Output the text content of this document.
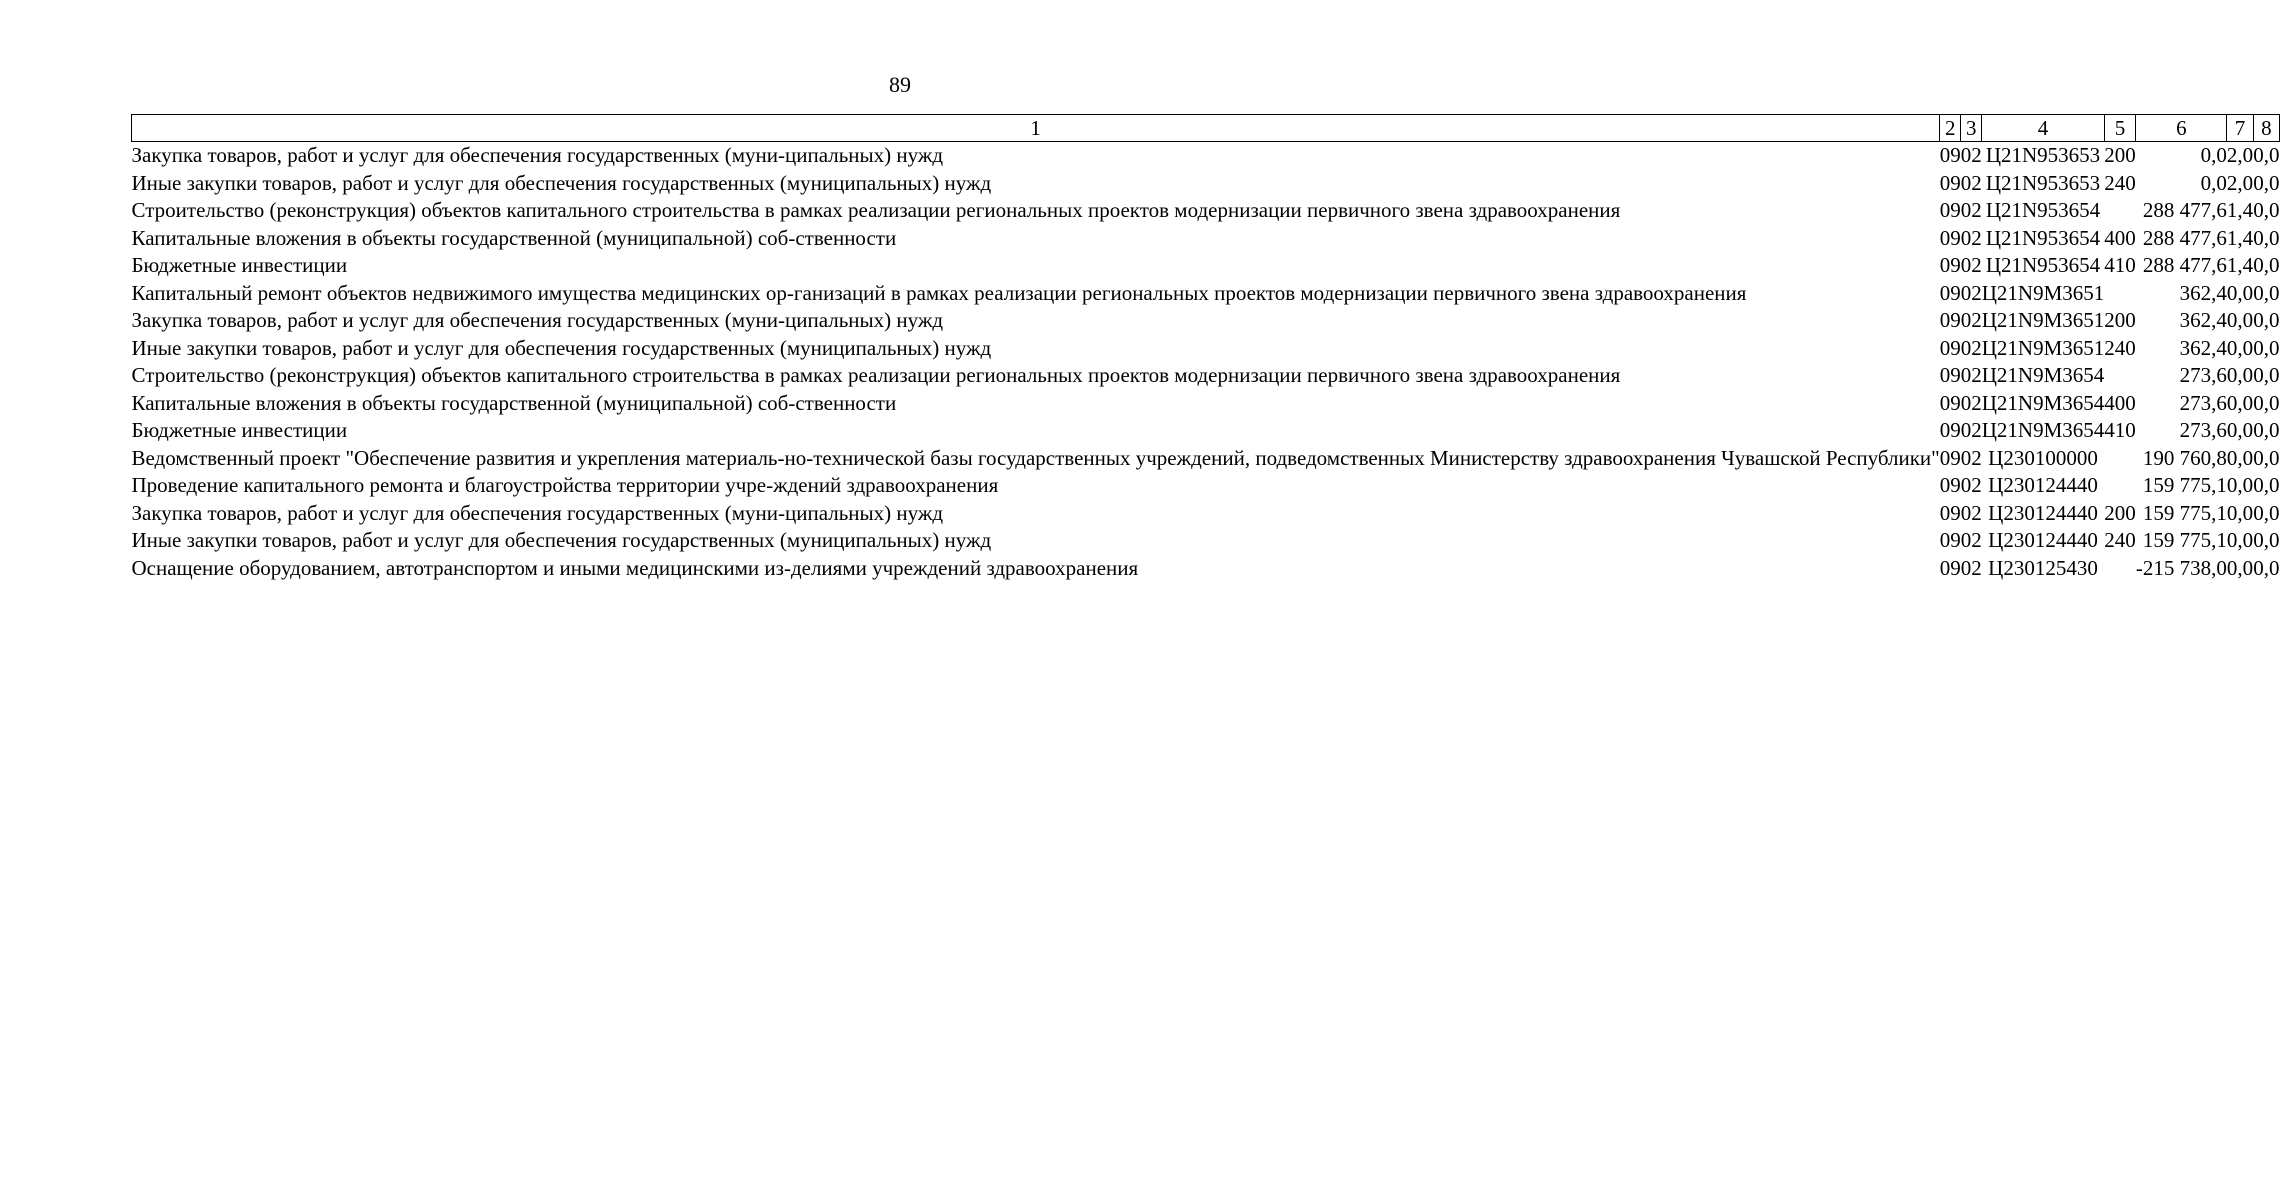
89
1	2	3	4	5	6	7	8
Закупка товаров, работ и услуг для обеспечения государственных (муни-ципальных) нужд	09	02	Ц21N953653	200	0,0	2,0	0,0
Иные закупки товаров, работ и услуг для обеспечения государственных (муниципальных) нужд	09	02	Ц21N953653	240	0,0	2,0	0,0
Строительство (реконструкция) объектов капитального строительства в рамках реализации региональных проектов модернизации первичного звена здравоохранения	09	02	Ц21N953654		288 477,6	1,4	0,0
Капитальные вложения в объекты государственной (муниципальной) соб-ственности	09	02	Ц21N953654	400	288 477,6	1,4	0,0
Бюджетные инвестиции	09	02	Ц21N953654	410	288 477,6	1,4	0,0
Капитальный ремонт объектов недвижимого имущества медицинских ор-ганизаций в рамках реализации региональных проектов модернизации первичного звена здравоохранения	09	02	Ц21N9M3651		362,4	0,0	0,0
Закупка товаров, работ и услуг для обеспечения государственных (муни-ципальных) нужд	09	02	Ц21N9M3651	200	362,4	0,0	0,0
Иные закупки товаров, работ и услуг для обеспечения государственных (муниципальных) нужд	09	02	Ц21N9M3651	240	362,4	0,0	0,0
Строительство (реконструкция) объектов капитального строительства в рамках реализации региональных проектов модернизации первичного звена здравоохранения	09	02	Ц21N9M3654		273,6	0,0	0,0
Капитальные вложения в объекты государственной (муниципальной) соб-ственности	09	02	Ц21N9M3654	400	273,6	0,0	0,0
Бюджетные инвестиции	09	02	Ц21N9M3654	410	273,6	0,0	0,0
Ведомственный проект "Обеспечение развития и укрепления материаль-но-технической базы государственных учреждений, подведомственных Министерству здравоохранения Чувашской Республики"	09	02	Ц230100000		190 760,8	0,0	0,0
Проведение капитального ремонта и благоустройства территории учре-ждений здравоохранения	09	02	Ц230124440		159 775,1	0,0	0,0
Закупка товаров, работ и услуг для обеспечения государственных (муни-ципальных) нужд	09	02	Ц230124440	200	159 775,1	0,0	0,0
Иные закупки товаров, работ и услуг для обеспечения государственных (муниципальных) нужд	09	02	Ц230124440	240	159 775,1	0,0	0,0
Оснащение оборудованием, автотранспортом и иными медицинскими из-делиями учреждений здравоохранения	09	02	Ц230125430		-215 738,0	0,0	0,0
